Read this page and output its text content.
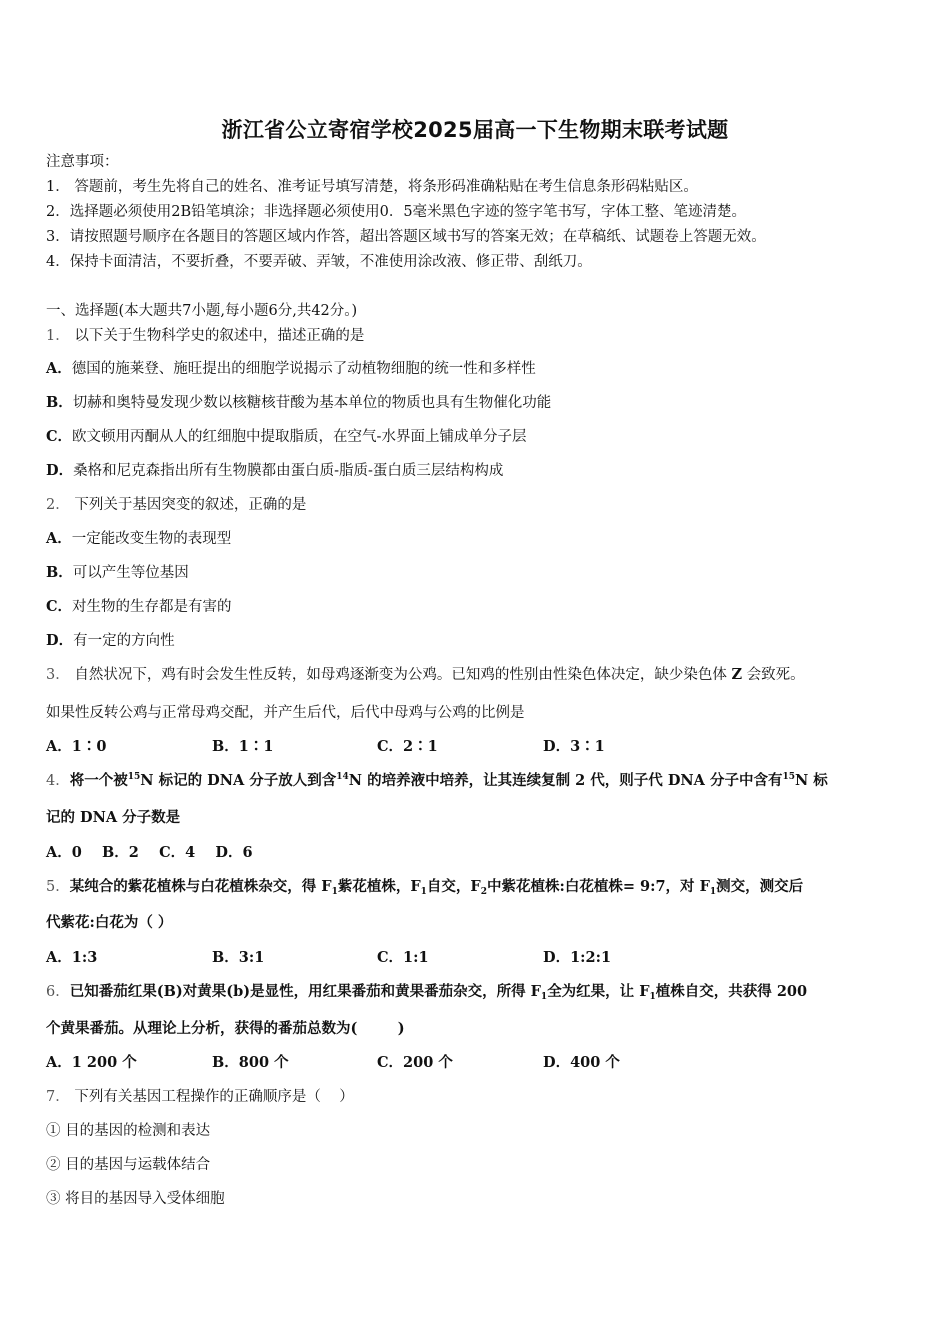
浙江省公立寄宿学校2025届高一下生物期末联考试题
注意事项：
1． 答题前，考生先将自己的姓名、准考证号填写清楚，将条形码准确粘贴在考生信息条形码粘贴区。
2．选择题必须使用2B铅笔填涂；非选择题必须使用0．5毫米黑色字迹的签字笔书写，字体工整、笔迹清楚。
3．请按照题号顺序在各题目的答题区域内作答，超出答题区域书写的答案无效；在草稿纸、试题卷上答题无效。
4．保持卡面清洁，不要折叠，不要弄破、弄皱，不准使用涂改液、修正带、刮纸刀。
一、选择题(本大题共7小题,每小题6分,共42分。)
1． 以下关于生物科学史的叙述中，描述正确的是
A．德国的施莱登、施旺提出的细胞学说揭示了动植物细胞的统一性和多样性
B．切赫和奥特曼发现少数以核糖核苷酸为基本单位的物质也具有生物催化功能
C．欧文顿用丙酮从人的红细胞中提取脂质，在空气-水界面上铺成单分子层
D．桑格和尼克森指出所有生物膜都由蛋白质-脂质-蛋白质三层结构构成
2． 下列关于基因突变的叙述，正确的是
A．一定能改变生物的表现型
B．可以产生等位基因
C．对生物的生存都是有害的
D．有一定的方向性
3． 自然状况下，鸡有时会发生性反转，如母鸡逐渐变为公鸡。已知鸡的性别由性染色体决定，缺少染色体 Z 会致死。
如果性反转公鸡与正常母鸡交配，并产生后代，后代中母鸡与公鸡的比例是
A．1∶0	B．1∶1	C．2∶1	D．3∶1
4．将一个被$^{15}$N 标记的 DNA 分子放人到含$^{14}$N 的培养液中培养，让其连续复制 2 代，则子代 DNA 分子中含有$^{15}$N 标
记的 DNA 分子数是
A．0    B．2    C．4    D．6
5．某纯合的紫花植株与白花植株杂交，得 $F_1$紫花植株，$F_1$自交，$F_2$中紫花植株:白花植株= 9:7，对 $F_1$测交，测交后
代紫花:白花为（ ）
A．1:3	B．3:1	C．1:1	D．1:2:1
6．已知番茄红果(B)对黄果(b)是显性，用红果番茄和黄果番茄杂交，所得 $F_1$全为红果，让 $F_1$植株自交，共获得 200
个黄果番茄。从理论上分析，获得的番茄总数为(        )
A．1 200 个	B．800 个	C．200 个	D．400 个
7． 下列有关基因工程操作的正确顺序是（    ）
① 目的基因的检测和表达
② 目的基因与运载体结合
③ 将目的基因导入受体细胞
